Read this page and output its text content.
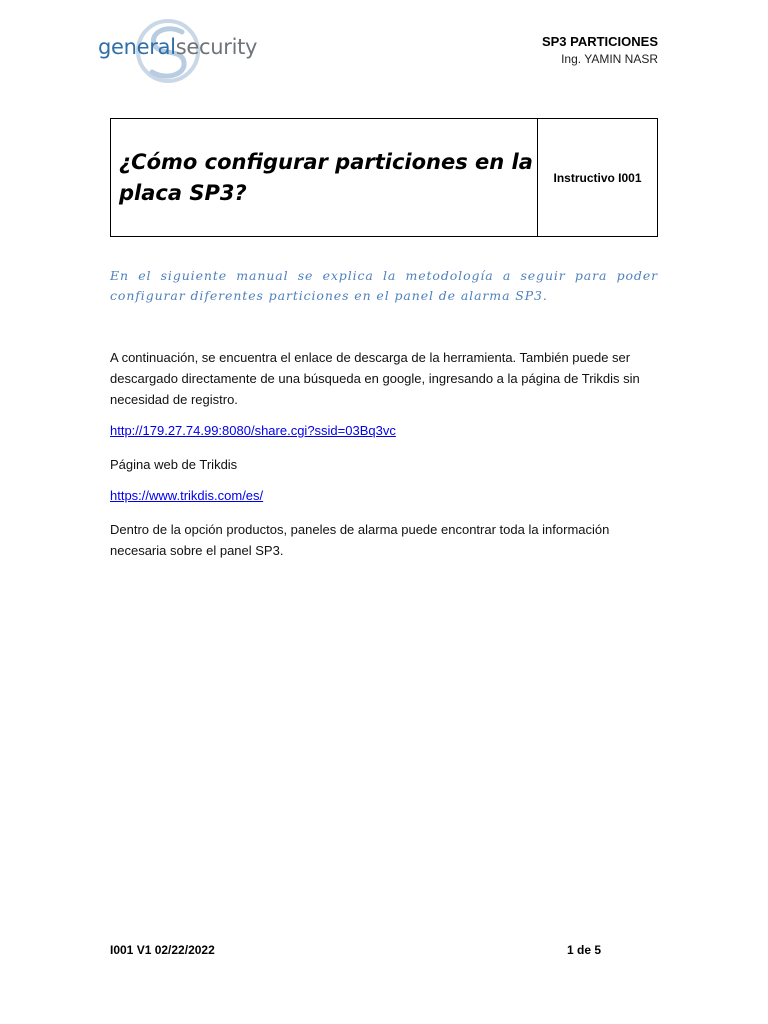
generalsecurity	SP3 PARTICIONES
Ing. YAMIN NASR
¿Cómo configurar particiones en la placa SP3?
Instructivo I001

En el siguiente manual se explica la metodología a seguir para poder configurar diferentes particiones en el panel de alarma SP3.

A continuación, se encuentra el enlace de descarga de la herramienta. También puede ser descargado directamente de una búsqueda en google, ingresando a la página de Trikdis sin necesidad de registro.

http://179.27.74.99:8080/share.cgi?ssid=03Bq3vc

Página web de Trikdis

https://www.trikdis.com/es/

Dentro de la opción productos, paneles de alarma puede encontrar toda la información necesaria sobre el panel SP3.

I001 V1 02/22/2022	1 de 5
